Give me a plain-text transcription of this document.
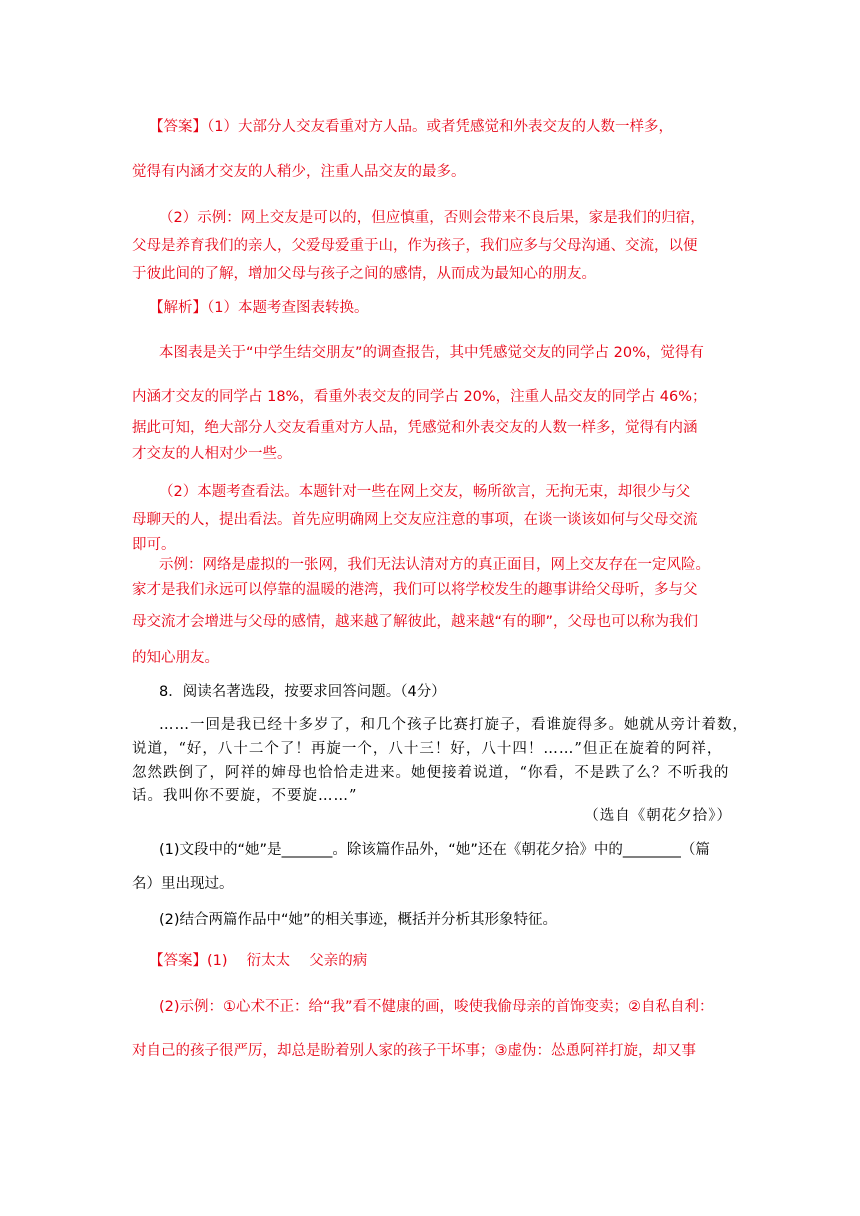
【答案】（1）大部分人交友看重对方人品。或者凭感觉和外表交友的人数一样多，
觉得有内涵才交友的人稍少，注重人品交友的最多。
（2）示例：网上交友是可以的，但应慎重，否则会带来不良后果，家是我们的归宿，
父母是养育我们的亲人，父爱母爱重于山，作为孩子，我们应多与父母沟通、交流，以便
于彼此间的了解，增加父母与孩子之间的感情，从而成为最知心的朋友。
【解析】（1）本题考查图表转换。
本图表是关于“中学生结交朋友”的调查报告，其中凭感觉交友的同学占 20%，觉得有
内涵才交友的同学占 18%，看重外表交友的同学占 20%，注重人品交友的同学占 46%；
据此可知，绝大部分人交友看重对方人品，凭感觉和外表交友的人数一样多，觉得有内涵
才交友的人相对少一些。
（2）本题考查看法。本题针对一些在网上交友，畅所欲言，无拘无束，却很少与父
母聊天的人，提出看法。首先应明确网上交友应注意的事项，在谈一谈该如何与父母交流
即可。
示例：网络是虚拟的一张网，我们无法认清对方的真正面目，网上交友存在一定风险。
家才是我们永远可以停靠的温暖的港湾，我们可以将学校发生的趣事讲给父母听，多与父
母交流才会增进与父母的感情，越来越了解彼此，越来越“有的聊”，父母也可以称为我们
的知心朋友。
8．阅读名著选段，按要求回答问题。（4分）
……一回是我已经十多岁了，和几个孩子比赛打旋子，看谁旋得多。她就从旁计着数，
说道，“好，八十二个了！再旋一个，八十三！好，八十四！……”但正在旋着的阿祥，
忽然跌倒了，阿祥的婶母也恰恰走进来。她便接着说道，“你看，不是跌了么？不听我的
话。我叫你不要旋，不要旋……”
（选自《朝花夕拾》）
(1)文段中的“她”是_______。除该篇作品外，“她”还在《朝花夕拾》中的________（篇
名）里出现过。
(2)结合两篇作品中“她”的相关事迹，概括并分析其形象特征。
【答案】(1)　 衍太太　 父亲的病
(2)示例：①心术不正：给“我”看不健康的画，唆使我偷母亲的首饰变卖；②自私自利：
对自己的孩子很严厉，却总是盼着别人家的孩子干坏事；③虚伪：怂恿阿祥打旋，却又事
